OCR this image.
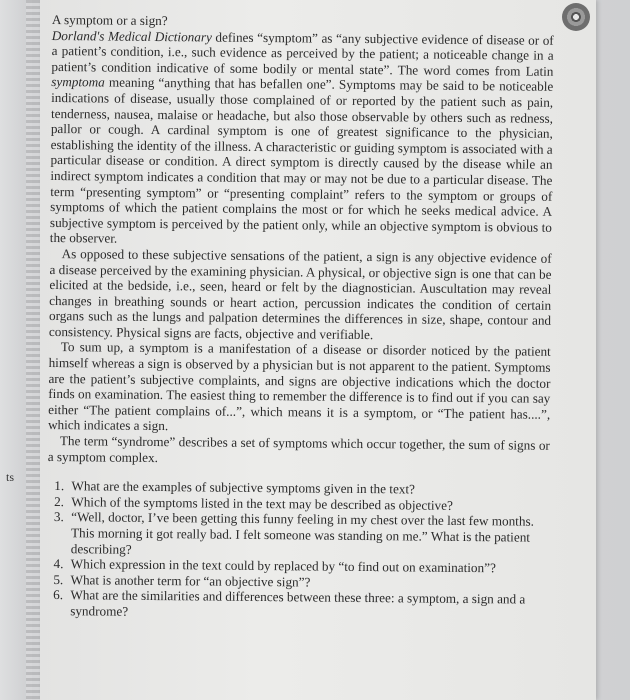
ts
A symptom or a sign?

Dorland's Medical Dictionary defines “symptom” as “any subjective evidence of disease or of a patient’s condition, i.e., such evidence as perceived by the patient; a noticeable change in a patient’s condition indicative of some bodily or mental state”. The word comes from Latin symptoma meaning “anything that has befallen one”. Symptoms may be said to be noticeable indications of disease, usually those complained of or reported by the patient such as pain, tenderness, nausea, malaise or headache, but also those observable by others such as redness, pallor or cough. A cardinal symptom is one of greatest significance to the physician, establishing the identity of the illness. A characteristic or guiding symptom is associated with a particular disease or condition. A direct symptom is directly caused by the disease while an indirect symptom indicates a condition that may or may not be due to a particular disease. The term “presenting symptom” or “presenting complaint” refers to the symptom or groups of symptoms of which the patient complains the most or for which he seeks medical advice. A subjective symptom is perceived by the patient only, while an objective symptom is obvious to the observer.

As opposed to these subjective sensations of the patient, a sign is any objective evidence of a disease perceived by the examining physician. A physical, or objective sign is one that can be elicited at the bedside, i.e., seen, heard or felt by the diagnostician. Auscultation may reveal changes in breathing sounds or heart action, percussion indicates the condition of certain organs such as the lungs and palpation determines the differences in size, shape, contour and consistency. Physical signs are facts, objective and verifiable.

To sum up, a symptom is a manifestation of a disease or disorder noticed by the patient himself whereas a sign is observed by a physician but is not apparent to the patient. Symptoms are the patient’s subjective complaints, and signs are objective indications which the doctor finds on examination. The easiest thing to remember the difference is to find out if you can say either “The patient complains of...”, which means it is a symptom, or “The patient has....”, which indicates a sign.

The term “syndrome” describes a set of symptoms which occur together, the sum of signs or a symptom complex.

1. What are the examples of subjective symptoms given in the text?
2. Which of the symptoms listed in the text may be described as objective?
3. “Well, doctor, I’ve been getting this funny feeling in my chest over the last few months. This morning it got really bad. I felt someone was standing on me.” What is the patient describing?
4. Which expression in the text could by replaced by “to find out on examination”?
5. What is another term for “an objective sign”?
6. What are the similarities and differences between these three: a symptom, a sign and a syndrome?
